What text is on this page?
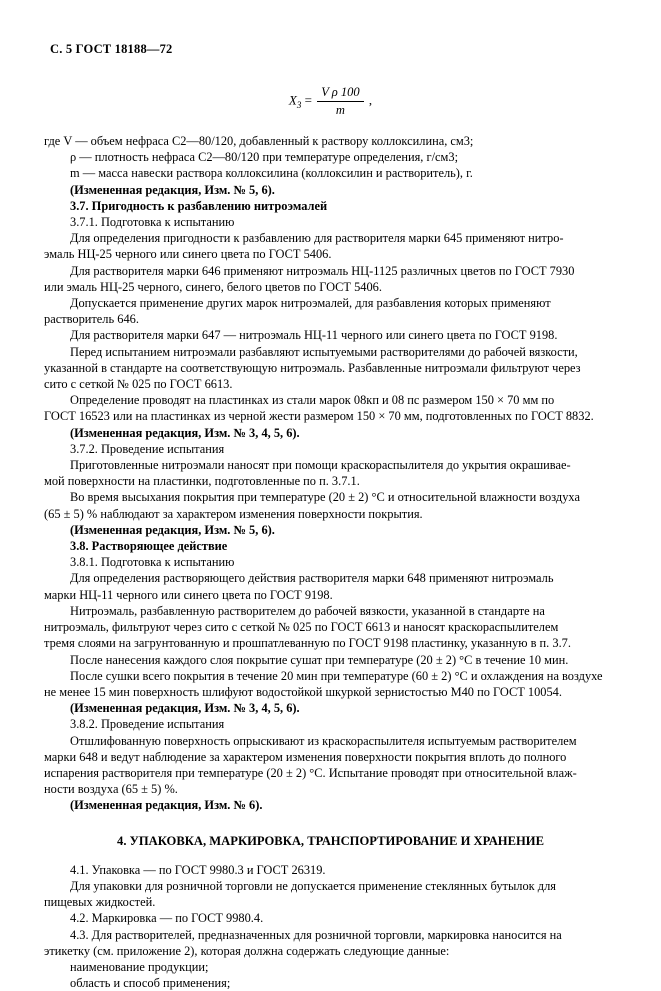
С. 5 ГОСТ 18188—72
$X_3 = \frac{\text{V ρ 100}}{m}$ ,

где V — объем нефраса С2—80/120, добавленный к раствору коллоксилина, см3;

ρ — плотность нефраса С2—80/120 при температуре определения, г/см3;

m — масса навески раствора коллоксилина (коллоксилин и растворитель), г.

(Измененная редакция, Изм. № 5, 6).

3.7. Пригодность к разбавлению нитроэмалей

3.7.1. Подготовка к испытанию

Для определения пригодности к разбавлению для растворителя марки 645 применяют нитро-

эмаль НЦ-25 черного или синего цвета по ГОСТ 5406.

Для растворителя марки 646 применяют нитроэмаль НЦ-1125 различных цветов по ГОСТ 7930

или эмаль НЦ-25 черного, синего, белого цветов по ГОСТ 5406.

Допускается применение других марок нитроэмалей, для разбавления которых применяют

растворитель 646.

Для растворителя марки 647 — нитроэмаль НЦ-11 черного или синего цвета по ГОСТ 9198.

Перед испытанием нитроэмали разбавляют испытуемыми растворителями до рабочей вязкости,

указанной в стандарте на соответствующую нитроэмаль. Разбавленные нитроэмали фильтруют через

сито с сеткой № 025 по ГОСТ 6613.

Определение проводят на пластинках из стали марок 08кп и 08 пс размером 150 × 70 мм по

ГОСТ 16523 или на пластинках из черной жести размером 150 × 70 мм, подготовленных по ГОСТ 8832.

(Измененная редакция, Изм. № 3, 4, 5, 6).

3.7.2. Проведение испытания

Приготовленные нитроэмали наносят при помощи краскораспылителя до укрытия окрашивае-

мой поверхности на пластинки, подготовленные по п. 3.7.1.

Во время высыхания покрытия при температуре (20 ± 2) °С и относительной влажности воздуха

(65 ± 5) % наблюдают за характером изменения поверхности покрытия.

(Измененная редакция, Изм. № 5, 6).

3.8. Растворяющее действие

3.8.1. Подготовка к испытанию

Для определения растворяющего действия растворителя марки 648 применяют нитроэмаль

марки НЦ-11 черного или синего цвета по ГОСТ 9198.

Нитроэмаль, разбавленную растворителем до рабочей вязкости, указанной в стандарте на

нитроэмаль, фильтруют через сито с сеткой № 025 по ГОСТ 6613 и наносят краскораспылителем

тремя слоями на загрунтованную и прошпатлеванную по ГОСТ 9198 пластинку, указанную в п. 3.7.

После нанесения каждого слоя покрытие сушат при температуре (20 ± 2) °С в течение 10 мин.

После сушки всего покрытия в течение 20 мин при температуре (60 ± 2) °С и охлаждения на воздухе

не менее 15 мин поверхность шлифуют водостойкой шкуркой зернистостью М40 по ГОСТ 10054.

(Измененная редакция, Изм. № 3, 4, 5, 6).

3.8.2. Проведение испытания

Отшлифованную поверхность опрыскивают из краскораспылителя испытуемым растворителем

марки 648 и ведут наблюдение за характером изменения поверхности покрытия вплоть до полного

испарения растворителя при температуре (20 ± 2) °С. Испытание проводят при относительной влаж-

ности воздуха (65 ± 5) %.

(Измененная редакция, Изм. № 6).

4. УПАКОВКА, МАРКИРОВКА, ТРАНСПОРТИРОВАНИЕ И ХРАНЕНИЕ

4.1. Упаковка — по ГОСТ 9980.3 и ГОСТ 26319.

Для упаковки для розничной торговли не допускается применение стеклянных бутылок для

пищевых жидкостей.

4.2. Маркировка — по ГОСТ 9980.4.

4.3. Для растворителей, предназначенных для розничной торговли, маркировка наносится на

этикетку (см. приложение 2), которая должна содержать следующие данные:

наименование продукции;

область и способ применения;
